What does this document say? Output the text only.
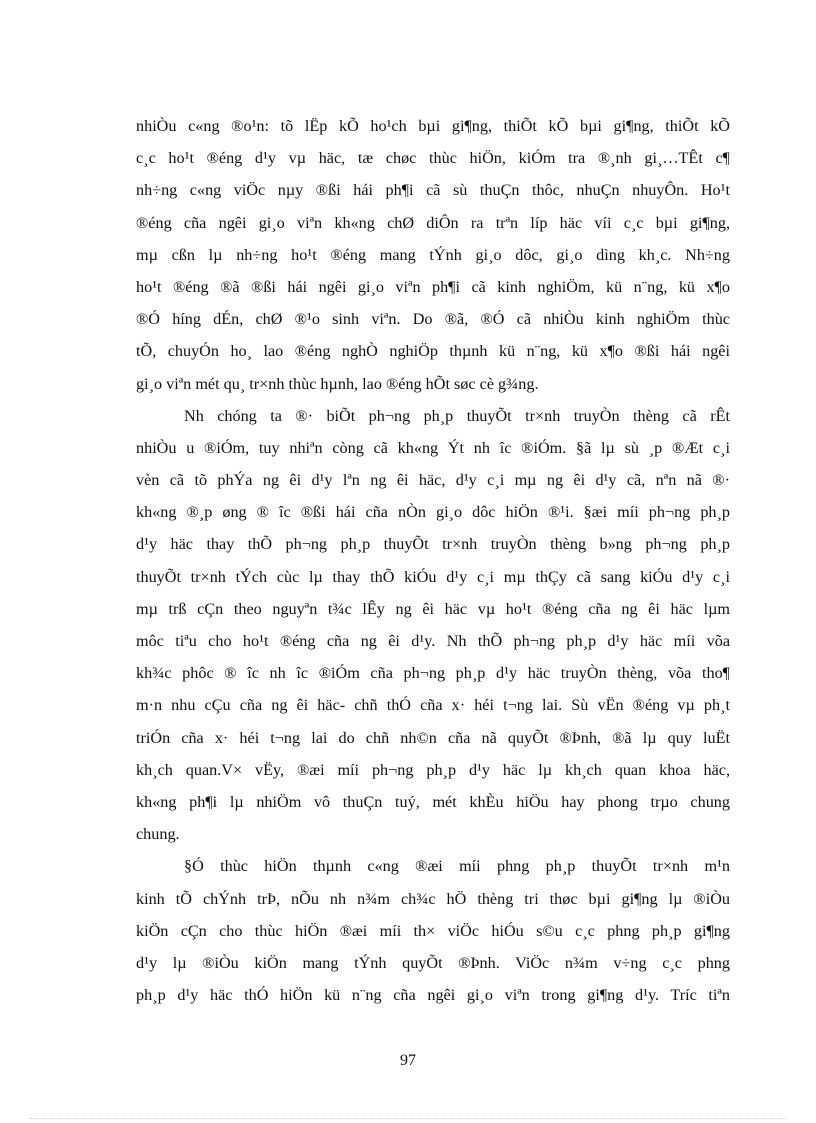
nhiÒu c«ng ®o¹n: tõ lËp kÕ ho¹ch bµi gi¶ng, thiÕt kÕ bµi gi¶ng, thiÕt kÕ
c¸c ho¹t ®éng d¹y vµ häc, tæ chøc thùc hiÖn, kiÓm tra ®¸nh gi¸…TÊt c¶
nh÷ng c«ng viÖc nµy ®ßi hái ph¶i cã sù thuÇn thôc, nhuÇn nhuyÔn. Ho¹t
®éng cña ngêi gi¸o viªn kh«ng chØ diÔn ra trªn líp häc víi c¸c bµi gi¶ng,
mµ cßn lµ nh÷ng ho¹t ®éng mang tÝnh gi¸o dôc, gi¸o dìng kh¸c. Nh÷ng
ho¹t ®éng ®ã ®ßi hái ngêi gi¸o viªn ph¶i cã kinh nghiÖm, kü n¨ng, kü x¶o
®Ó híng dÉn, chØ ®¹o sinh viªn. Do ®ã, ®Ó cã nhiÒu kinh nghiÖm thùc
tÕ, chuyÓn ho¸ lao ®éng nghÒ nghiÖp thµnh kü n¨ng, kü x¶o ®ßi hái ngêi
gi¸o viªn mét qu¸ tr×nh thùc hµnh, lao ®éng hÕt søc cè g¾ng.
Nh chóng ta ®· biÕt ph¬ng ph¸p thuyÕt tr×nh truyÒn thèng cã rÊt
nhiÒu u ®iÓm, tuy nhiªn còng cã kh«ng Ýt nh îc ®iÓm. §ã lµ sù ¸p ®Æt c¸i
vèn cã tõ phÝa ng êi d¹y lªn ng êi häc, d¹y c¸i mµ ng êi d¹y cã, nªn nã ®·
kh«ng ®¸p øng ® îc ®ßi hái cña nÒn gi¸o dôc hiÖn ®¹i. §æi míi ph¬ng ph¸p
d¹y häc thay thÕ ph¬ng ph¸p thuyÕt tr×nh truyÒn thèng b»ng ph¬ng ph¸p
thuyÕt tr×nh tÝch cùc lµ thay thÕ kiÓu d¹y c¸i mµ thÇy cã sang kiÓu d¹y c¸i
mµ trß cÇn theo nguyªn t¾c lÊy ng êi häc vµ ho¹t ®éng cña ng êi häc lµm
môc tiªu cho ho¹t ®éng cña ng êi d¹y. Nh thÕ ph¬ng ph¸p d¹y häc míi võa
kh¾c phôc ® îc nh îc ®iÓm cña ph¬ng ph¸p d¹y häc truyÒn thèng, võa tho¶
m·n nhu cÇu cña ng êi häc- chñ thÓ cña x· héi t¬ng lai. Sù vËn ®éng vµ ph¸t
triÓn cña x· héi t¬ng lai do chñ nh©n cña nã quyÕt ®Þnh, ®ã lµ quy luËt
kh¸ch quan.V× vËy, ®æi míi ph¬ng ph¸p d¹y häc lµ kh¸ch quan khoa häc,
kh«ng ph¶i lµ nhiÖm vô thuÇn tuý, mét khÈu hiÖu hay phong trµo chung
chung.
§Ó thùc hiÖn thµnh c«ng ®æi míi phng ph¸p thuyÕt tr×nh m¹n
kinh tÕ chÝnh trÞ, nÕu nh n¾m ch¾c hÖ thèng tri thøc bµi gi¶ng lµ ®iÒu
kiÖn cÇn cho thùc hiÖn ®æi míi th× viÖc hiÓu s©u c¸c phng ph¸p gi¶ng
d¹y lµ ®iÒu kiÖn mang tÝnh quyÕt ®Þnh. ViÖc n¾m v÷ng c¸c phng
ph¸p d¹y häc thÓ hiÖn kü n¨ng cña ngêi gi¸o viªn trong gi¶ng d¹y. Tríc tiªn
97
